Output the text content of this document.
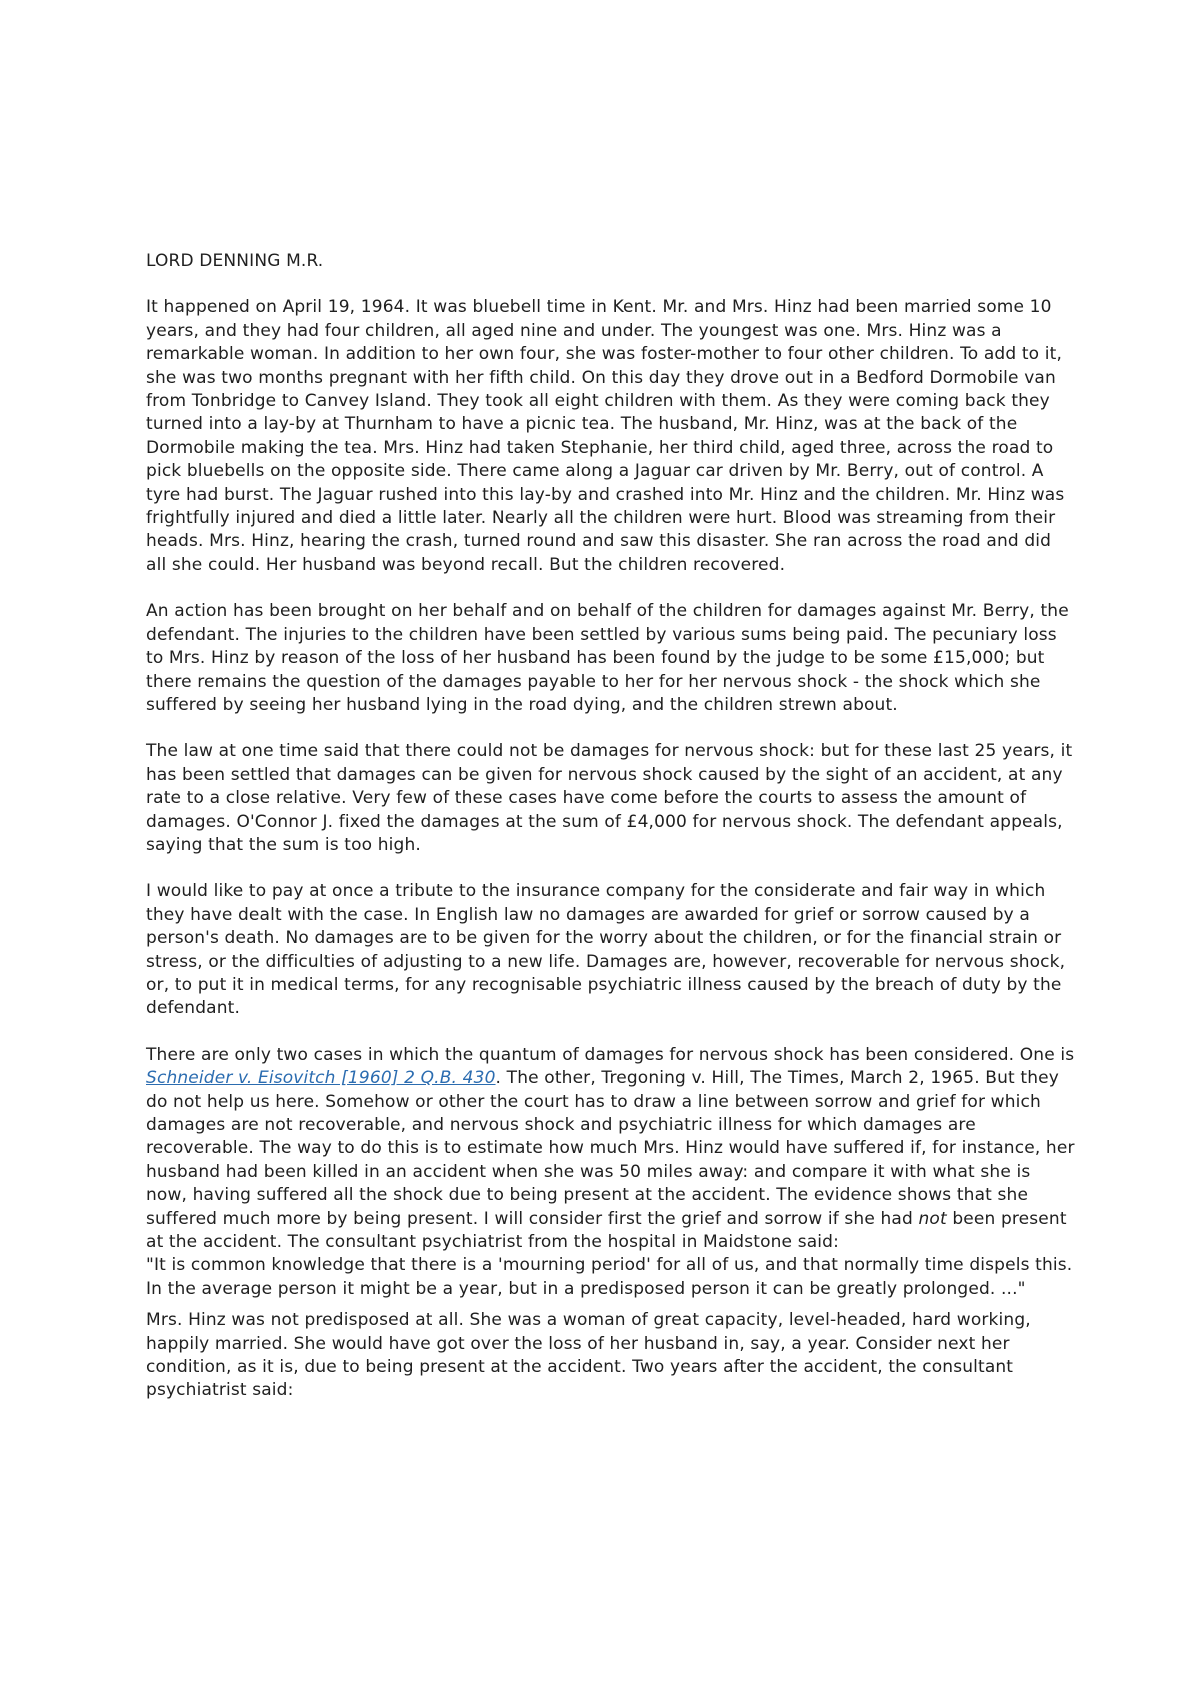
LORD DENNING M.R.

It happened on April 19, 1964. It was bluebell time in Kent. Mr. and Mrs. Hinz had been married some 10 years, and they had four children, all aged nine and under. The youngest was one. Mrs. Hinz was a remarkable woman. In addition to her own four, she was foster-mother to four other children. To add to it, she was two months pregnant with her fifth child. On this day they drove out in a Bedford Dormobile van from Tonbridge to Canvey Island. They took all eight children with them. As they were coming back they turned into a lay-by at Thurnham to have a picnic tea. The husband, Mr. Hinz, was at the back of the Dormobile making the tea. Mrs. Hinz had taken Stephanie, her third child, aged three, across the road to pick bluebells on the opposite side. There came along a Jaguar car driven by Mr. Berry, out of control. A tyre had burst. The Jaguar rushed into this lay-by and crashed into Mr. Hinz and the children. Mr. Hinz was frightfully injured and died a little later. Nearly all the children were hurt. Blood was streaming from their heads. Mrs. Hinz, hearing the crash, turned round and saw this disaster. She ran across the road and did all she could. Her husband was beyond recall. But the children recovered.

An action has been brought on her behalf and on behalf of the children for damages against Mr. Berry, the defendant. The injuries to the children have been settled by various sums being paid. The pecuniary loss to Mrs. Hinz by reason of the loss of her husband has been found by the judge to be some £15,000; but there remains the question of the damages payable to her for her nervous shock - the shock which she suffered by seeing her husband lying in the road dying, and the children strewn about.

The law at one time said that there could not be damages for nervous shock: but for these last 25 years, it has been settled that damages can be given for nervous shock caused by the sight of an accident, at any rate to a close relative. Very few of these cases have come before the courts to assess the amount of damages. O'Connor J. fixed the damages at the sum of £4,000 for nervous shock. The defendant appeals, saying that the sum is too high.

I would like to pay at once a tribute to the insurance company for the considerate and fair way in which they have dealt with the case. In English law no damages are awarded for grief or sorrow caused by a person's death. No damages are to be given for the worry about the children, or for the financial strain or stress, or the difficulties of adjusting to a new life. Damages are, however, recoverable for nervous shock, or, to put it in medical terms, for any recognisable psychiatric illness caused by the breach of duty by the defendant.

There are only two cases in which the quantum of damages for nervous shock has been considered. One is Schneider v. Eisovitch [1960] 2 Q.B. 430. The other, Tregoning v. Hill, The Times, March 2, 1965. But they do not help us here. Somehow or other the court has to draw a line between sorrow and grief for which damages are not recoverable, and nervous shock and psychiatric illness for which damages are recoverable. The way to do this is to estimate how much Mrs. Hinz would have suffered if, for instance, her husband had been killed in an accident when she was 50 miles away: and compare it with what she is now, having suffered all the shock due to being present at the accident. The evidence shows that she suffered much more by being present. I will consider first the grief and sorrow if she had not been present at the accident. The consultant psychiatrist from the hospital in Maidstone said:
"It is common knowledge that there is a 'mourning period' for all of us, and that normally time dispels this. In the average person it might be a year, but in a predisposed person it can be greatly prolonged. ..."

Mrs. Hinz was not predisposed at all. She was a woman of great capacity, level-headed, hard working, happily married. She would have got over the loss of her husband in, say, a year. Consider next her condition, as it is, due to being present at the accident. Two years after the accident, the consultant psychiatrist said:
